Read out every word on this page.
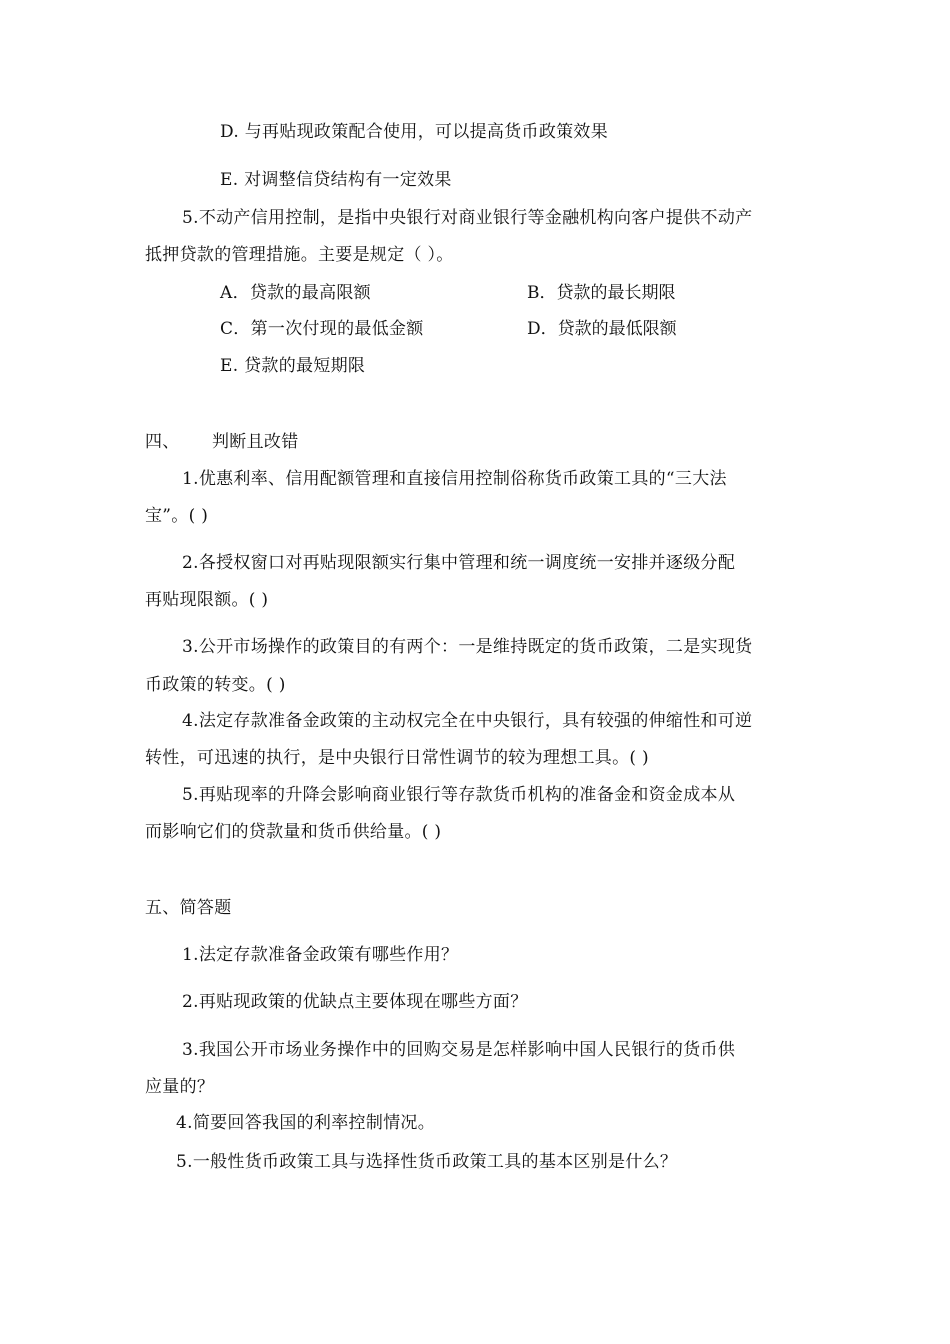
D. 与再贴现政策配合使用，可以提高货币政策效果
E. 对调整信贷结构有一定效果
5.不动产信用控制，是指中央银行对商业银行等金融机构向客户提供不动产
抵押贷款的管理措施。主要是规定（ ）。
A．贷款的最高限额	B．贷款的最长期限
C．第一次付现的最低金额	D．贷款的最低限额
E. 贷款的最短期限
四、 判断且改错
1.优惠利率、信用配额管理和直接信用控制俗称货币政策工具的“三大法
宝”。( )
2.各授权窗口对再贴现限额实行集中管理和统一调度统一安排并逐级分配
再贴现限额。( )
3.公开市场操作的政策目的有两个：一是维持既定的货币政策，二是实现货
币政策的转变。( )
4.法定存款准备金政策的主动权完全在中央银行，具有较强的伸缩性和可逆
转性，可迅速的执行，是中央银行日常性调节的较为理想工具。( )
5.再贴现率的升降会影响商业银行等存款货币机构的准备金和资金成本从
而影响它们的贷款量和货币供给量。( )
五、简答题
1.法定存款准备金政策有哪些作用？
2.再贴现政策的优缺点主要体现在哪些方面？
3.我国公开市场业务操作中的回购交易是怎样影响中国人民银行的货币供
应量的？
4.简要回答我国的利率控制情况。
5.一般性货币政策工具与选择性货币政策工具的基本区别是什么？
